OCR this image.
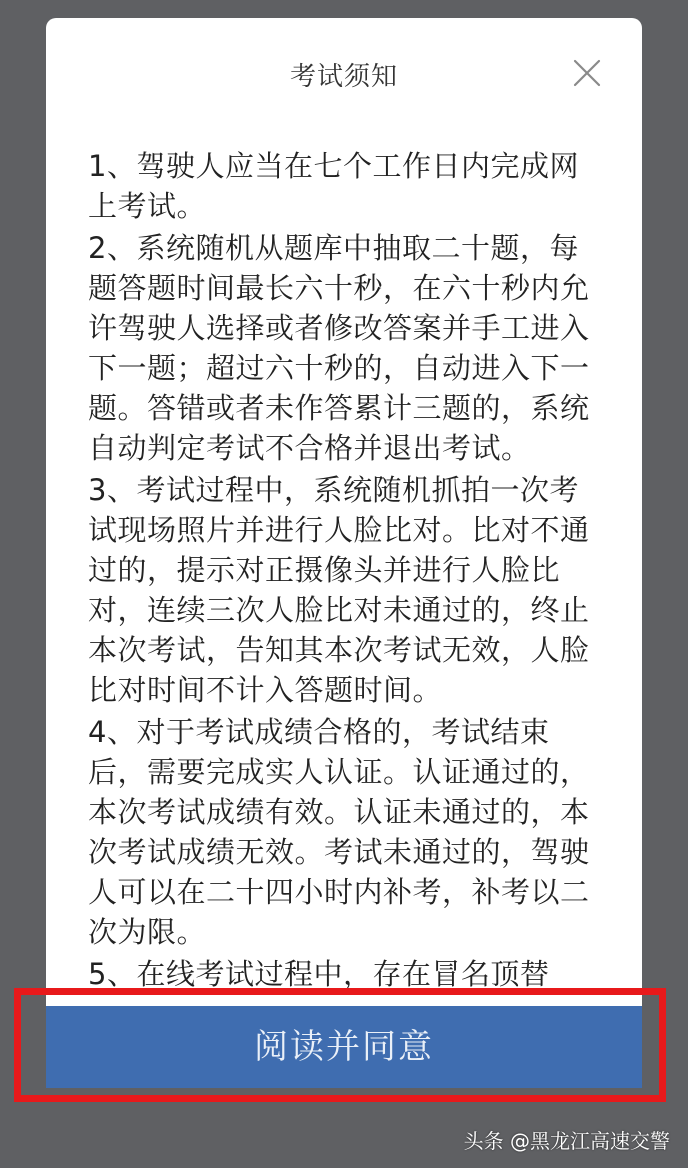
考试须知

1、驾驶人应当在七个工作日内完成网上考试。

2、系统随机从题库中抽取二十题，每题答题时间最长六十秒，在六十秒内允许驾驶人选择或者修改答案并手工进入下一题；超过六十秒的，自动进入下一题。答错或者未作答累计三题的，系统自动判定考试不合格并退出考试。

3、考试过程中，系统随机抓拍一次考试现场照片并进行人脸比对。比对不通过的，提示对正摄像头并进行人脸比对，连续三次人脸比对未通过的，终止本次考试，告知其本次考试无效，人脸比对时间不计入答题时间。

4、对于考试成绩合格的，考试结束后，需要完成实人认证。认证通过的，本次考试成绩有效。认证未通过的，本次考试成绩无效。考试未通过的，驾驶人可以在二十四小时内补考，补考以二次为限。

5、在线考试过程中，存在冒名顶替

阅读并同意
头条 @黑龙江高速交警
